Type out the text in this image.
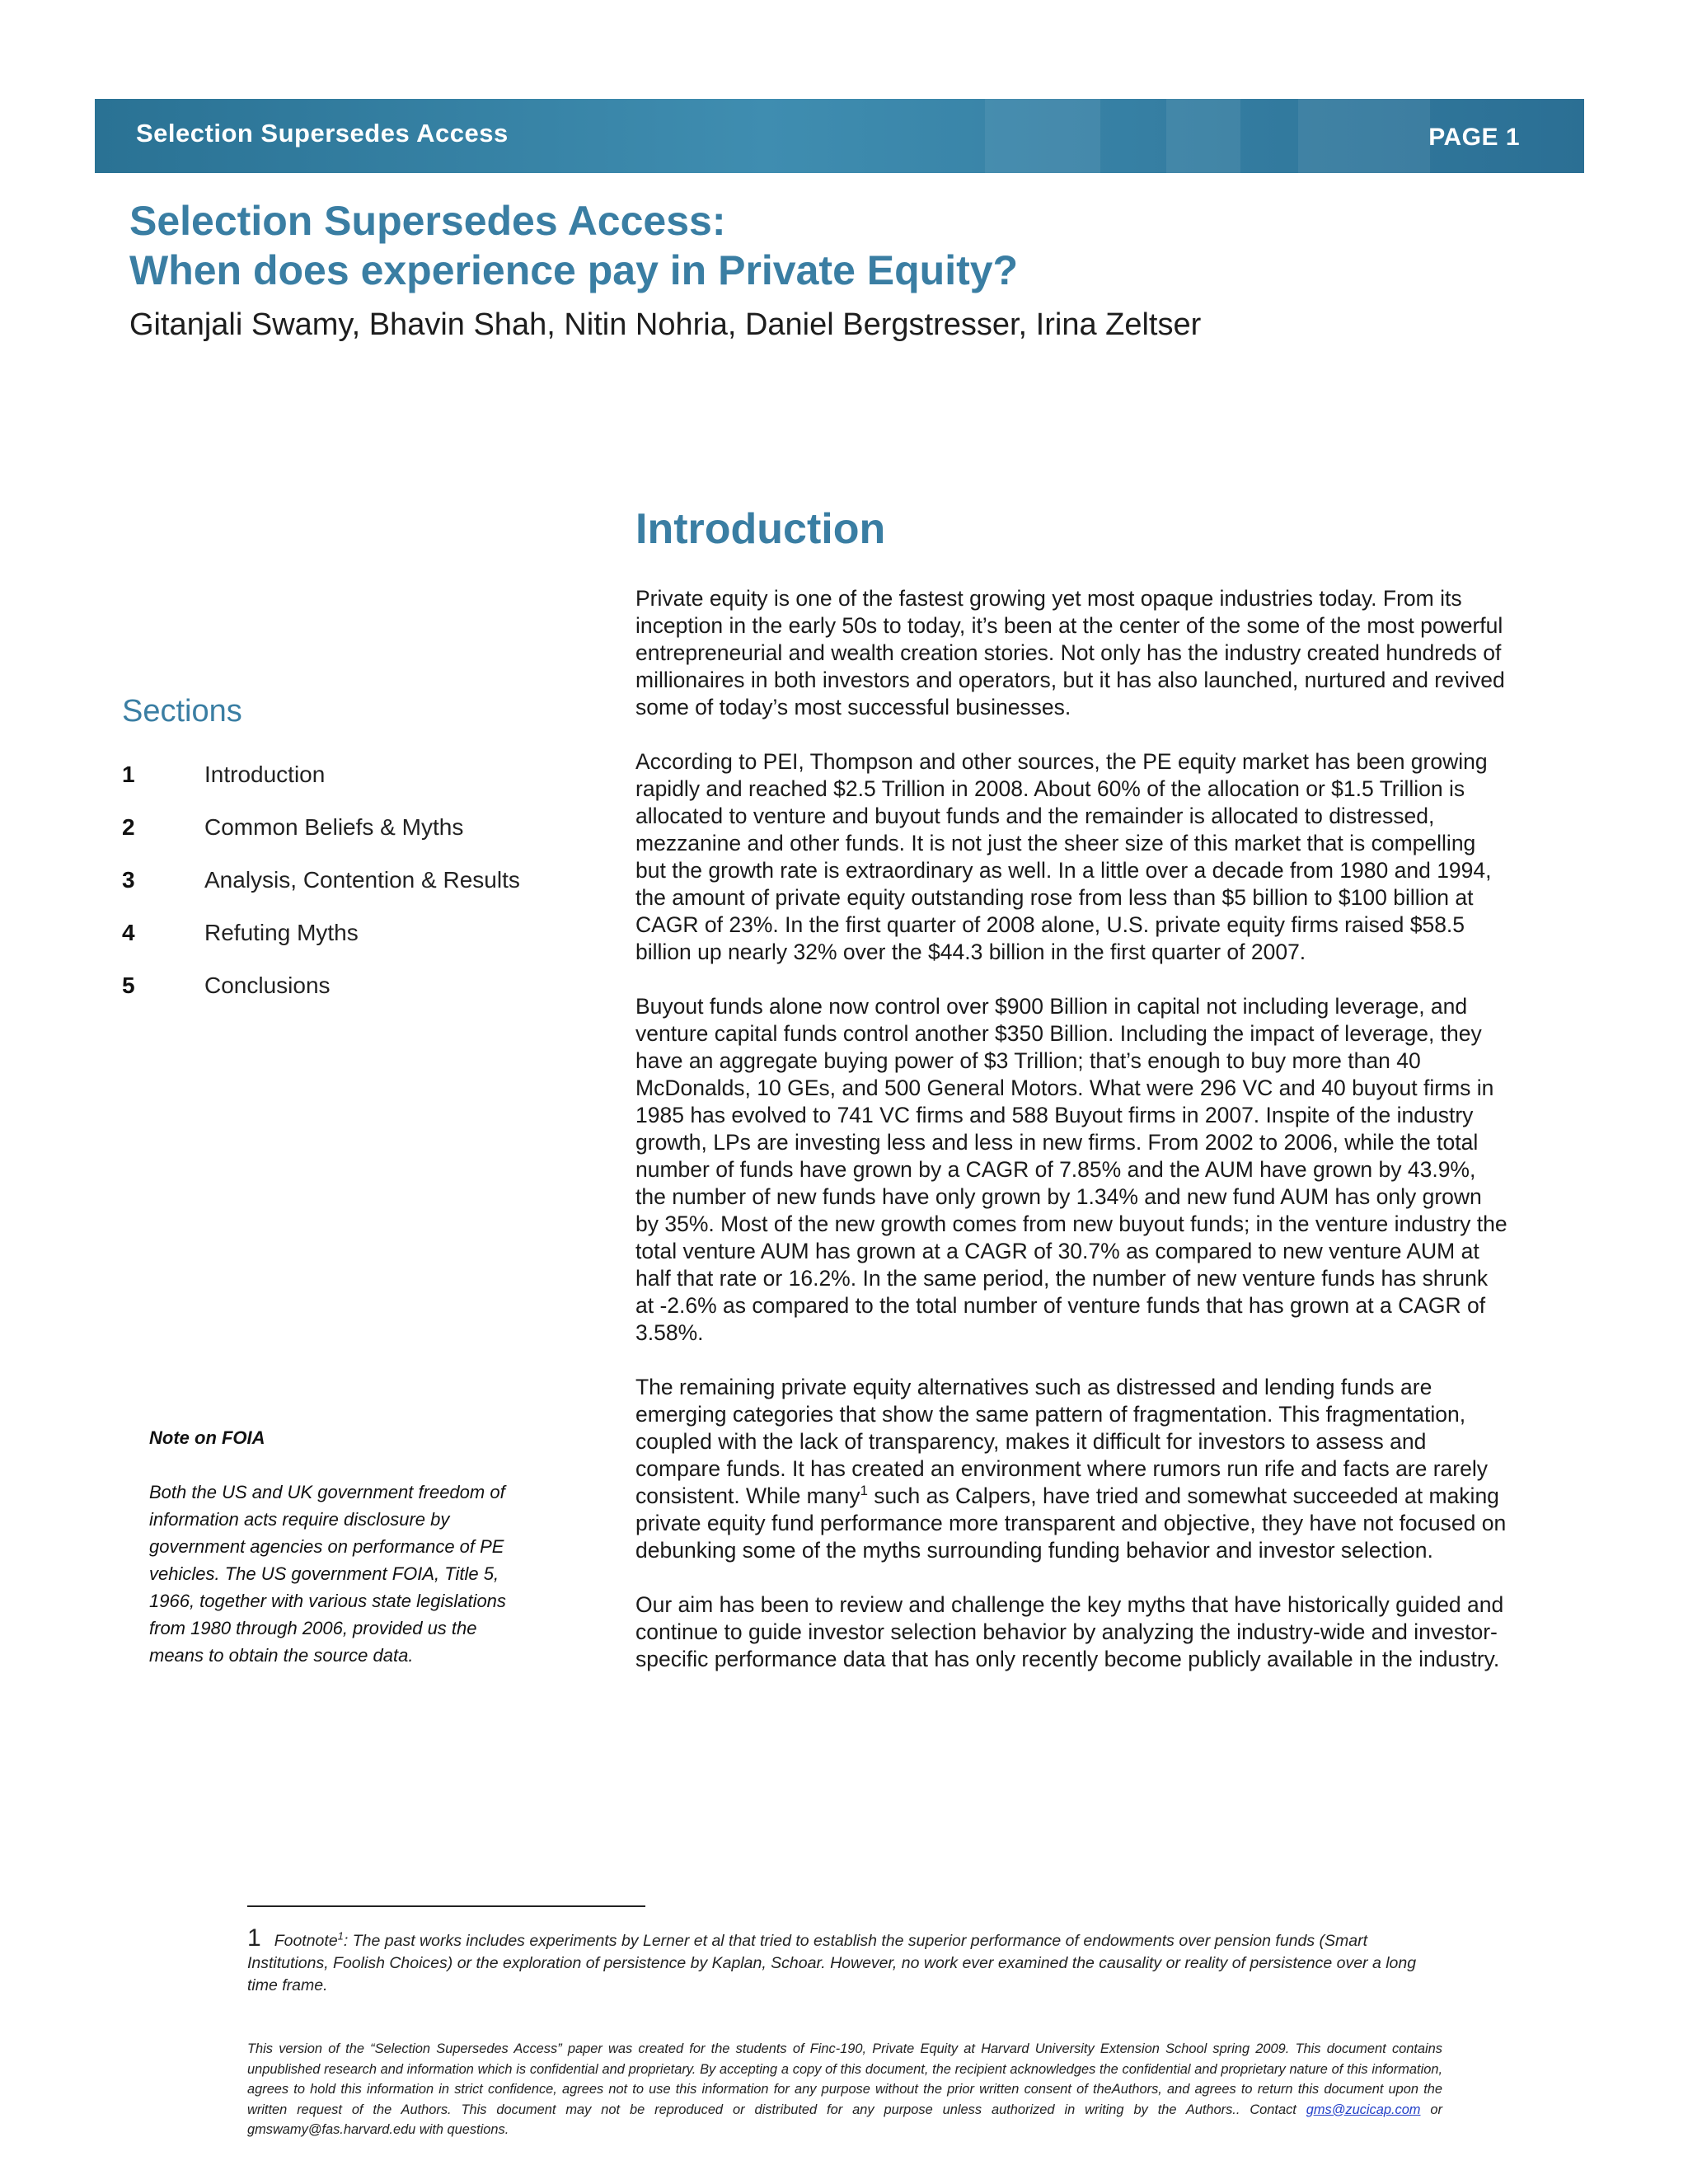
Selection Supersedes Access	PAGE 1
Selection Supersedes Access:
When does experience pay in Private Equity?

Gitanjali Swamy, Bhavin Shah, Nitin Nohria, Daniel Bergstresser, Irina Zeltser

Sections
1	Introduction
2	Common Beliefs & Myths
3	Analysis, Contention & Results
4	Refuting Myths
5	Conclusions

Note on FOIA

Both the US and UK government freedom of information acts require disclosure by government agencies on performance of PE vehicles. The US government FOIA, Title 5, 1966, together with various state legislations from 1980 through 2006, provided us the means to obtain the source data.

Introduction

Private equity is one of the fastest growing yet most opaque industries today. From its inception in the early 50s to today, it’s been at the center of the some of the most powerful entrepreneurial and wealth creation stories. Not only has the industry created hundreds of millionaires in both investors and operators, but it has also launched, nurtured and revived some of today’s most successful businesses.

According to PEI, Thompson and other sources, the PE equity market has been growing rapidly and reached $2.5 Trillion in 2008. About 60% of the allocation or $1.5 Trillion is allocated to venture and buyout funds and the remainder is allocated to distressed, mezzanine and other funds. It is not just the sheer size of this market that is compelling but the growth rate is extraordinary as well. In a little over a decade from 1980 and 1994, the amount of private equity outstanding rose from less than $5 billion to $100 billion at CAGR of 23%. In the first quarter of 2008 alone, U.S. private equity firms raised $58.5 billion up nearly 32% over the $44.3 billion in the first quarter of 2007.

Buyout funds alone now control over $900 Billion in capital not including leverage, and venture capital funds control another $350 Billion. Including the impact of leverage, they have an aggregate buying power of $3 Trillion; that’s enough to buy more than 40 McDonalds, 10 GEs, and 500 General Motors. What were 296 VC and 40 buyout firms in 1985 has evolved to 741 VC firms and 588 Buyout firms in 2007. Inspite of the industry growth, LPs are investing less and less in new firms. From 2002 to 2006, while the total number of funds have grown by a CAGR of 7.85% and the AUM have grown by 43.9%, the number of new funds have only grown by 1.34% and new fund AUM has only grown by 35%. Most of the new growth comes from new buyout funds; in the venture industry the total venture AUM has grown at a CAGR of 30.7% as compared to new venture AUM at half that rate or 16.2%. In the same period, the number of new venture funds has shrunk at -2.6% as compared to the total number of venture funds that has grown at a CAGR of 3.58%.

The remaining private equity alternatives such as distressed and lending funds are emerging categories that show the same pattern of fragmentation. This fragmentation, coupled with the lack of transparency, makes it difficult for investors to assess and compare funds. It has created an environment where rumors run rife and facts are rarely consistent. While many$^1$ such as Calpers, have tried and somewhat succeeded at making private equity fund performance more transparent and objective, they have not focused on debunking some of the myths surrounding funding behavior and investor selection.

Our aim has been to review and challenge the key myths that have historically guided and continue to guide investor selection behavior by analyzing the industry-wide and investor-specific performance data that has only recently become publicly available in the industry.

1 Footnote$^1$: The past works includes experiments by Lerner et al that tried to establish the superior performance of endowments over pension funds (Smart Institutions, Foolish Choices) or the exploration of persistence by Kaplan, Schoar. However, no work ever examined the causality or reality of persistence over a long time frame.
This version of the “Selection Supersedes Access” paper was created for the students of Finc-190, Private Equity at Harvard University Extension School spring 2009. This document contains unpublished research and information which is confidential and proprietary. By accepting a copy of this document, the recipient acknowledges the confidential and proprietary nature of this information, agrees to hold this information in strict confidence, agrees not to use this information for any purpose without the prior written consent of theAuthors, and agrees to return this document upon the written request of the Authors. This document may not be reproduced or distributed for any purpose unless authorized in writing by the Authors.. Contact gms@zucicap.com or gmswamy@fas.harvard.edu with questions.
